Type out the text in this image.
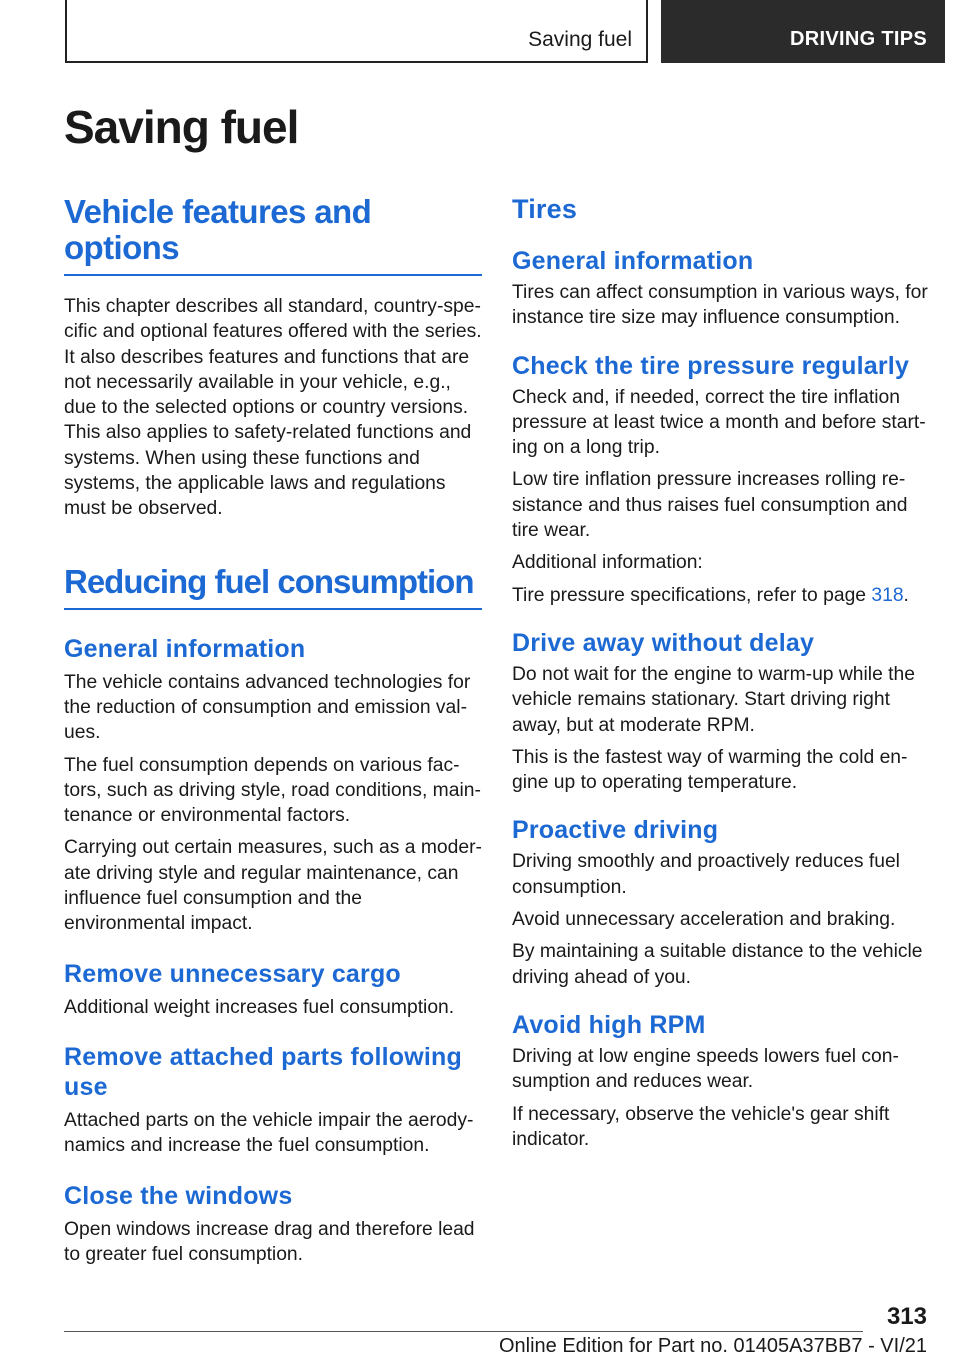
Saving fuel	DRIVING TIPS
Saving fuel
Vehicle features and options

This chapter describes all standard, country-specific and optional features offered with the series. It also describes features and functions that are not necessarily available in your vehicle, e.g., due to the selected options or country versions. This also applies to safety-related functions and systems. When using these functions and systems, the applicable laws and regulations must be observed.

Reducing fuel consumption
General information

The vehicle contains advanced technologies for the reduction of consumption and emission values.

The fuel consumption depends on various factors, such as driving style, road conditions, maintenance or environmental factors.

Carrying out certain measures, such as a moderate driving style and regular maintenance, can influence fuel consumption and the environmental impact.

Remove unnecessary cargo

Additional weight increases fuel consumption.

Remove attached parts following use

Attached parts on the vehicle impair the aerodynamics and increase the fuel consumption.

Close the windows

Open windows increase drag and therefore lead to greater fuel consumption.

Tires
General information

Tires can affect consumption in various ways, for instance tire size may influence consumption.

Check the tire pressure regularly

Check and, if needed, correct the tire inflation pressure at least twice a month and before starting on a long trip.

Low tire inflation pressure increases rolling resistance and thus raises fuel consumption and tire wear.

Additional information:

Tire pressure specifications, refer to page 318.

Drive away without delay

Do not wait for the engine to warm-up while the vehicle remains stationary. Start driving right away, but at moderate RPM.

This is the fastest way of warming the cold engine up to operating temperature.

Proactive driving

Driving smoothly and proactively reduces fuel consumption.

Avoid unnecessary acceleration and braking.

By maintaining a suitable distance to the vehicle driving ahead of you.

Avoid high RPM

Driving at low engine speeds lowers fuel consumption and reduces wear.

If necessary, observe the vehicle's gear shift indicator.

313
Online Edition for Part no. 01405A37BB7 - VI/21
